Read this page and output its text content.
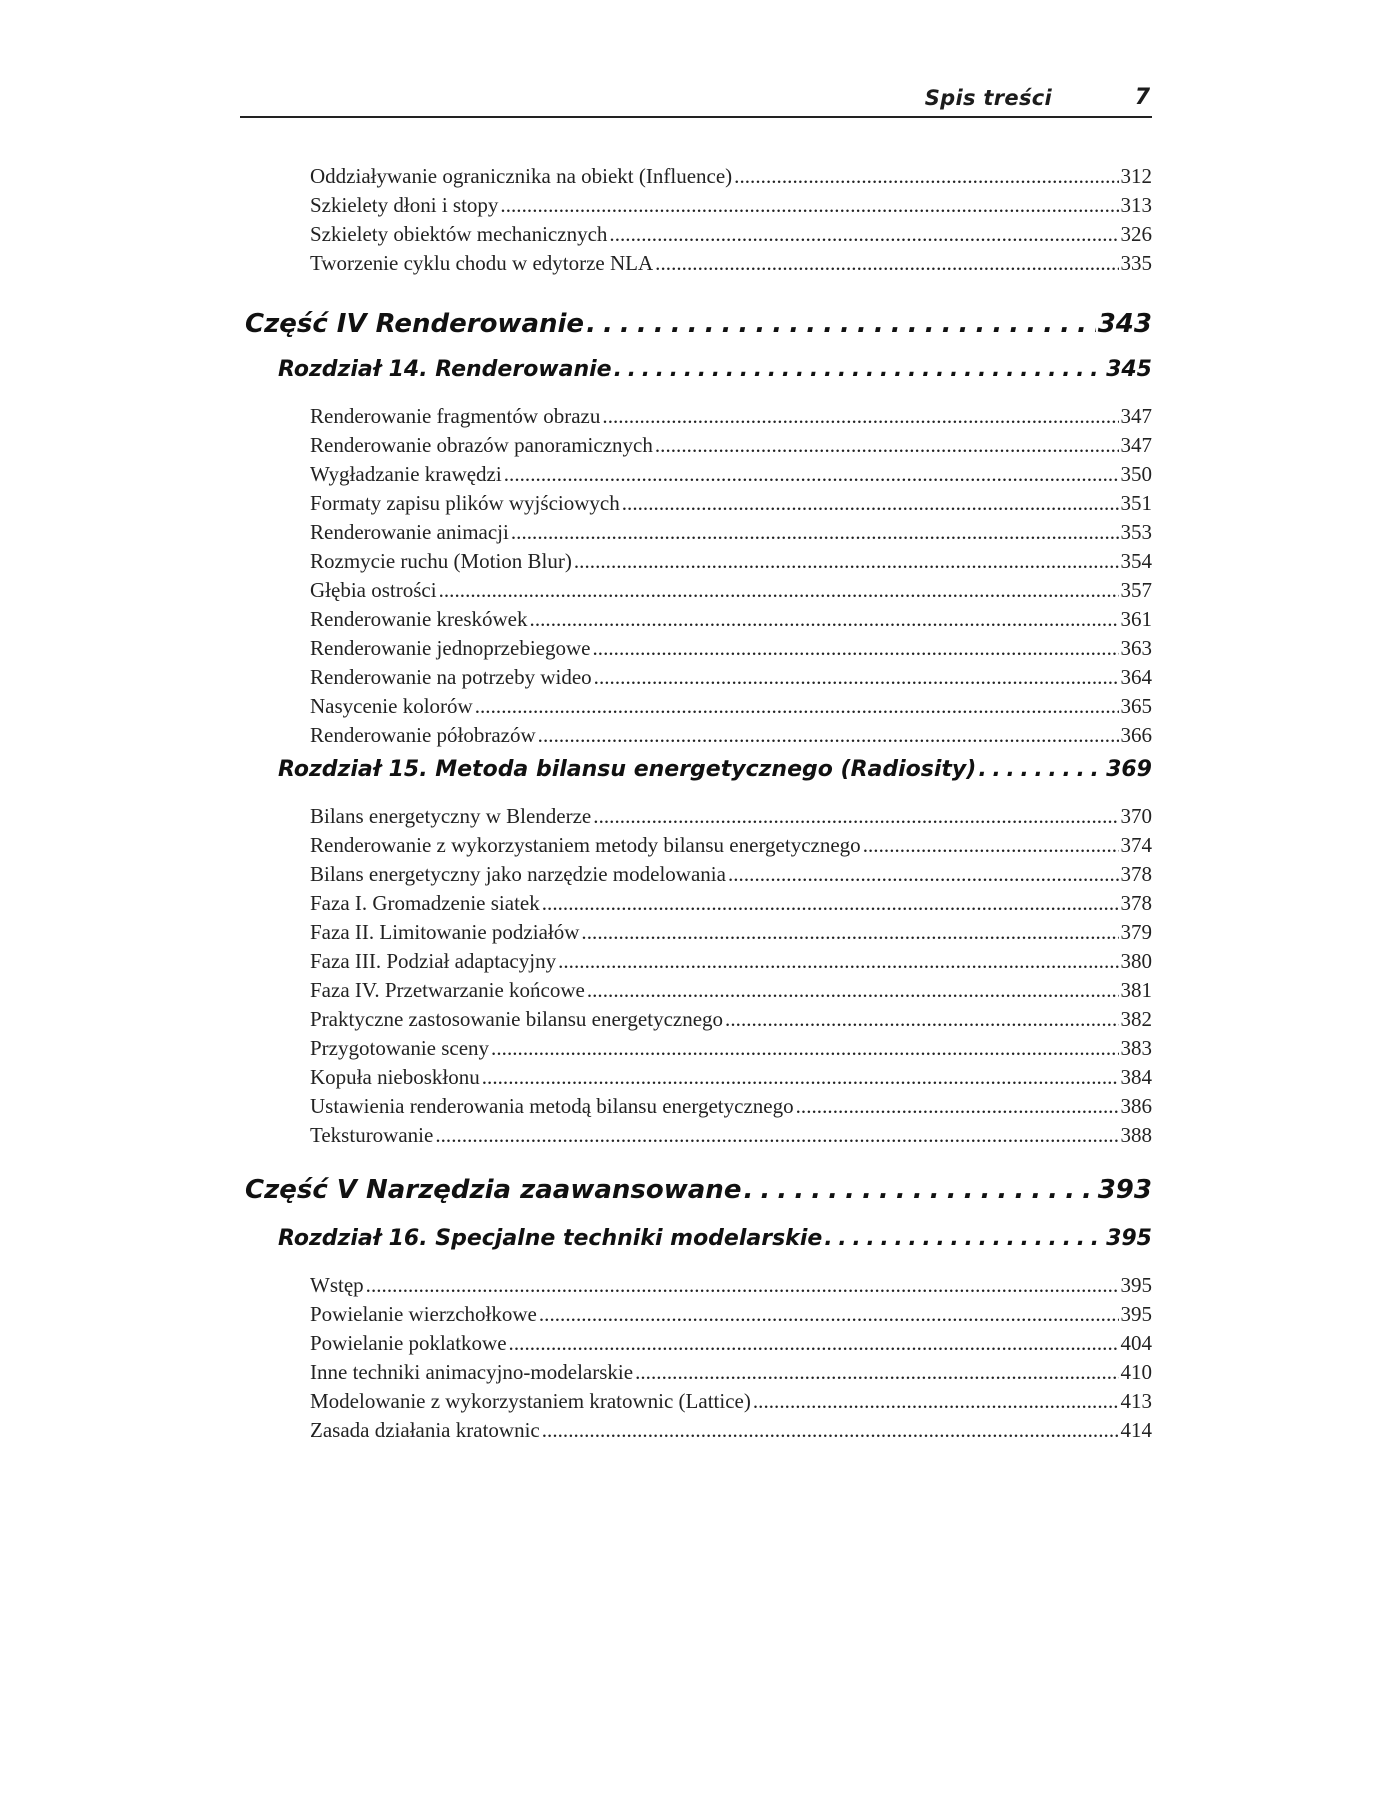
Spis treści	7
Oddziaływanie ogranicznika na obiekt (Influence) . . .	312
Szkielety dłoni i stopy . . .	313
Szkielety obiektów mechanicznych . . .	326
Tworzenie cyklu chodu w edytorze NLA . . .	335
Część IV Renderowanie . . .	343
Rozdział 14. Renderowanie . . .	345
Renderowanie fragmentów obrazu . . .	347
Renderowanie obrazów panoramicznych . . .	347
Wygładzanie krawędzi . . .	350
Formaty zapisu plików wyjściowych . . .	351
Renderowanie animacji . . .	353
Rozmycie ruchu (Motion Blur) . . .	354
Głębia ostrości . . .	357
Renderowanie kreskówek . . .	361
Renderowanie jednoprzebiegowe . . .	363
Renderowanie na potrzeby wideo . . .	364
Nasycenie kolorów . . .	365
Renderowanie półobrazów . . .	366
Rozdział 15. Metoda bilansu energetycznego (Radiosity) . . .	369
Bilans energetyczny w Blenderze . . .	370
Renderowanie z wykorzystaniem metody bilansu energetycznego . . .	374
Bilans energetyczny jako narzędzie modelowania . . .	378
Faza I. Gromadzenie siatek . . .	378
Faza II. Limitowanie podziałów . . .	379
Faza III. Podział adaptacyjny . . .	380
Faza IV. Przetwarzanie końcowe . . .	381
Praktyczne zastosowanie bilansu energetycznego . . .	382
Przygotowanie sceny . . .	383
Kopuła nieboskłonu . . .	384
Ustawienia renderowania metodą bilansu energetycznego . . .	386
Teksturowanie . . .	388
Część V Narzędzia zaawansowane . . .	393
Rozdział 16. Specjalne techniki modelarskie . . .	395
Wstęp . . .	395
Powielanie wierzchołkowe . . .	395
Powielanie poklatkowe . . .	404
Inne techniki animacyjno-modelarskie . . .	410
Modelowanie z wykorzystaniem kratownic (Lattice) . . .	413
Zasada działania kratownic . . .	414
